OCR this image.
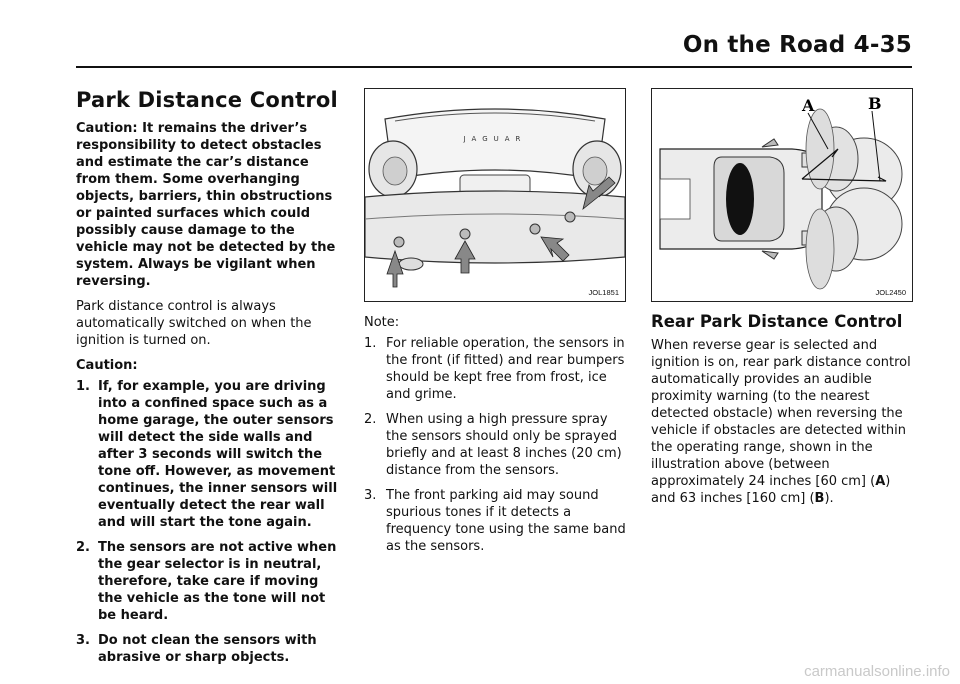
On the Road 4-35
Park Distance Control

Caution: It remains the driver’s responsibility to detect obstacles and estimate the car’s distance from them. Some overhanging objects, barriers, thin obstructions or painted surfaces which could possibly cause damage to the vehicle may not be detected by the system. Always be vigilant when reversing.

Park distance control is always automatically switched on when the ignition is turned on.

Caution:

1. If, for example, you are driving into a confined space such as a home garage, the outer sensors will detect the side walls and after 3 seconds will switch the tone off. However, as movement continues, the inner sensors will eventually detect the rear wall and will start the tone again.
2. The sensors are not active when the gear selector is in neutral, therefore, take care if moving the vehicle as the tone will not be heard.
3. Do not clean the sensors with abrasive or sharp objects.
JAGUAR
JOL1851

Note:

1. For reliable operation, the sensors in the front (if fitted) and rear bumpers should be kept free from frost, ice and grime.
2. When using a high pressure spray the sensors should only be sprayed briefly and at least 8 inches (20 cm) distance from the sensors.
3. The front parking aid may sound spurious tones if it detects a frequency tone using the same band as the sensors.
A	B
JOL2450
Rear Park Distance Control

When reverse gear is selected and ignition is on, rear park distance control automatically provides an audible proximity warning (to the nearest detected obstacle) when reversing the vehicle if obstacles are detected within the operating range, shown in the illustration above (between approximately 24 inches [60 cm] (A) and 63 inches [160 cm] (B).

carmanualsonline.info
